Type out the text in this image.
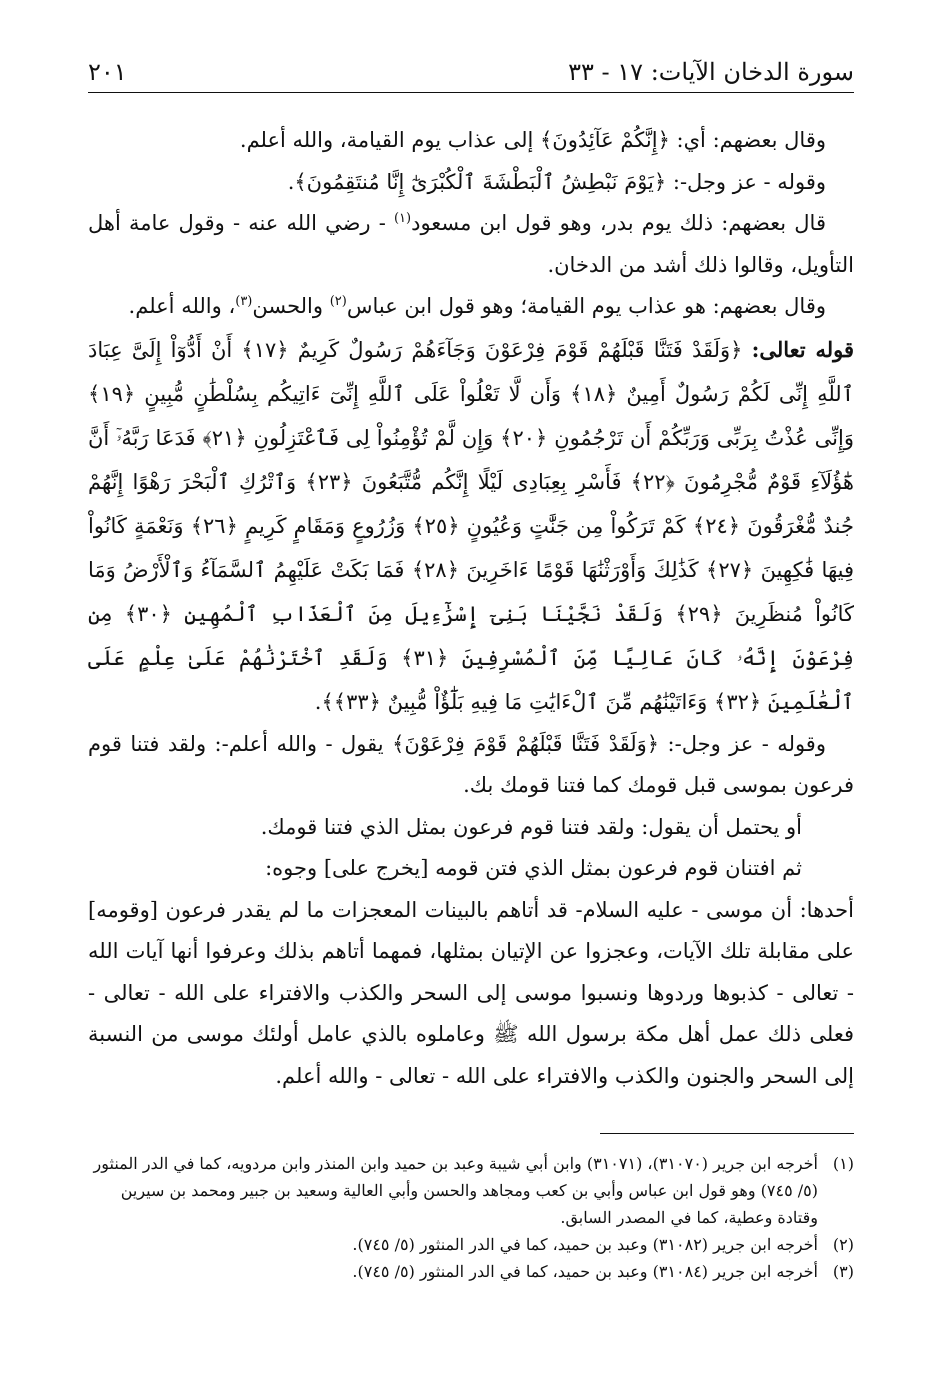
سورة الدخان الآيات: ١٧ - ٣٣
٢٠١

وقال بعضهم: أي: ﴿إِنَّكُمْ عَآئِدُونَ﴾ إلى عذاب يوم القيامة، والله أعلم.

وقوله - عز وجل-: ﴿يَوْمَ نَبْطِشُ ٱلْبَطْشَةَ ٱلْكُبْرَىٰٓ إِنَّا مُنتَقِمُونَ﴾.

قال بعضهم: ذلك يوم بدر، وهو قول ابن مسعود$^{(١)}$ - رضي الله عنه - وقول عامة أهل التأويل، وقالوا ذلك أشد من الدخان.

وقال بعضهم: هو عذاب يوم القيامة؛ وهو قول ابن عباس$^{(٢)}$ والحسن$^{(٣)}$، والله أعلم.

قوله تعالى: ﴿وَلَقَدْ فَتَنَّا قَبْلَهُمْ قَوْمَ فِرْعَوْنَ وَجَآءَهُمْ رَسُولٌ كَرِيمٌ ﴿١٧﴾ أَنْ أَدُّوٓاْ إِلَىَّ عِبَادَ ٱللَّهِ إِنِّى لَكُمْ رَسُولٌ أَمِينٌ ﴿١٨﴾ وَأَن لَّا تَعْلُواْ عَلَى ٱللَّهِ إِنِّىٓ ءَاتِيكُم بِسُلْطَٰنٍ مُّبِينٍ ﴿١٩﴾ وَإِنِّى عُذْتُ بِرَبِّى وَرَبِّكُمْ أَن تَرْجُمُونِ ﴿٢٠﴾ وَإِن لَّمْ تُؤْمِنُواْ لِى فَٱعْتَزِلُونِ ﴿٢١﴾ فَدَعَا رَبَّهُۥٓ أَنَّ هَٰٓؤُلَآءِ قَوْمٌ مُّجْرِمُونَ ﴿٢٢﴾ فَأَسْرِ بِعِبَادِى لَيْلًا إِنَّكُم مُّتَّبَعُونَ ﴿٢٣﴾ وَٱتْرُكِ ٱلْبَحْرَ رَهْوًا إِنَّهُمْ جُندٌ مُّغْرَقُونَ ﴿٢٤﴾ كَمْ تَرَكُواْ مِن جَنَّٰتٍ وَعُيُونٍ ﴿٢٥﴾ وَزُرُوعٍ وَمَقَامٍ كَرِيمٍ ﴿٢٦﴾ وَنَعْمَةٍ كَانُواْ فِيهَا فَٰكِهِينَ ﴿٢٧﴾ كَذَٰلِكَ وَأَوْرَثْنَٰهَا قَوْمًا ءَاخَرِينَ ﴿٢٨﴾ فَمَا بَكَتْ عَلَيْهِمُ ٱلسَّمَآءُ وَٱلْأَرْضُ وَمَا كَانُواْ مُنظَرِينَ ﴿٢٩﴾ وَلَقَدْ نَجَّيْنَا بَنِىٓ إِسْرَٰٓءِيلَ مِنَ ٱلْعَذَابِ ٱلْمُهِينِ ﴿٣٠﴾ مِن فِرْعَوْنَ إِنَّهُۥ كَانَ عَالِيًا مِّنَ ٱلْمُسْرِفِينَ ﴿٣١﴾ وَلَقَدِ ٱخْتَرْنَٰهُمْ عَلَىٰ عِلْمٍ عَلَى ٱلْعَٰلَمِينَ ﴿٣٢﴾ وَءَاتَيْنَٰهُم مِّنَ ٱلْءَايَٰتِ مَا فِيهِ بَلَٰٓؤٌاْ مُّبِينٌ ﴿٣٣﴾﴾.

وقوله - عز وجل-: ﴿وَلَقَدْ فَتَنَّا قَبْلَهُمْ قَوْمَ فِرْعَوْنَ﴾ يقول - والله أعلم-: ولقد فتنا قوم فرعون بموسى قبل قومك كما فتنا قومك بك.

أو يحتمل أن يقول: ولقد فتنا قوم فرعون بمثل الذي فتنا قومك.

ثم افتنان قوم فرعون بمثل الذي فتن قومه [يخرج على] وجوه:

أحدها: أن موسى - عليه السلام- قد أتاهم بالبينات المعجزات ما لم يقدر فرعون [وقومه] على مقابلة تلك الآيات، وعجزوا عن الإتيان بمثلها، فمهما أتاهم بذلك وعرفوا أنها آيات الله - تعالى - كذبوها وردوها ونسبوا موسى إلى السحر والكذب والافتراء على الله - تعالى - فعلى ذلك عمل أهل مكة برسول الله ﷺ وعاملوه بالذي عامل أولئك موسى من النسبة إلى السحر والجنون والكذب والافتراء على الله - تعالى - والله أعلم.

(١)
أخرجه ابن جرير (٣١٠٧٠)، (٣١٠٧١) وابن أبي شيبة وعبد بن حميد وابن المنذر وابن مردويه، كما في الدر المنثور (٥/ ٧٤٥) وهو قول ابن عباس وأبي بن كعب ومجاهد والحسن وأبي العالية وسعيد بن جبير ومحمد بن سيرين وقتادة وعطية، كما في المصدر السابق.
(٢)
أخرجه ابن جرير (٣١٠٨٢) وعبد بن حميد، كما في الدر المنثور (٥/ ٧٤٥).
(٣)
أخرجه ابن جرير (٣١٠٨٤) وعبد بن حميد، كما في الدر المنثور (٥/ ٧٤٥).
